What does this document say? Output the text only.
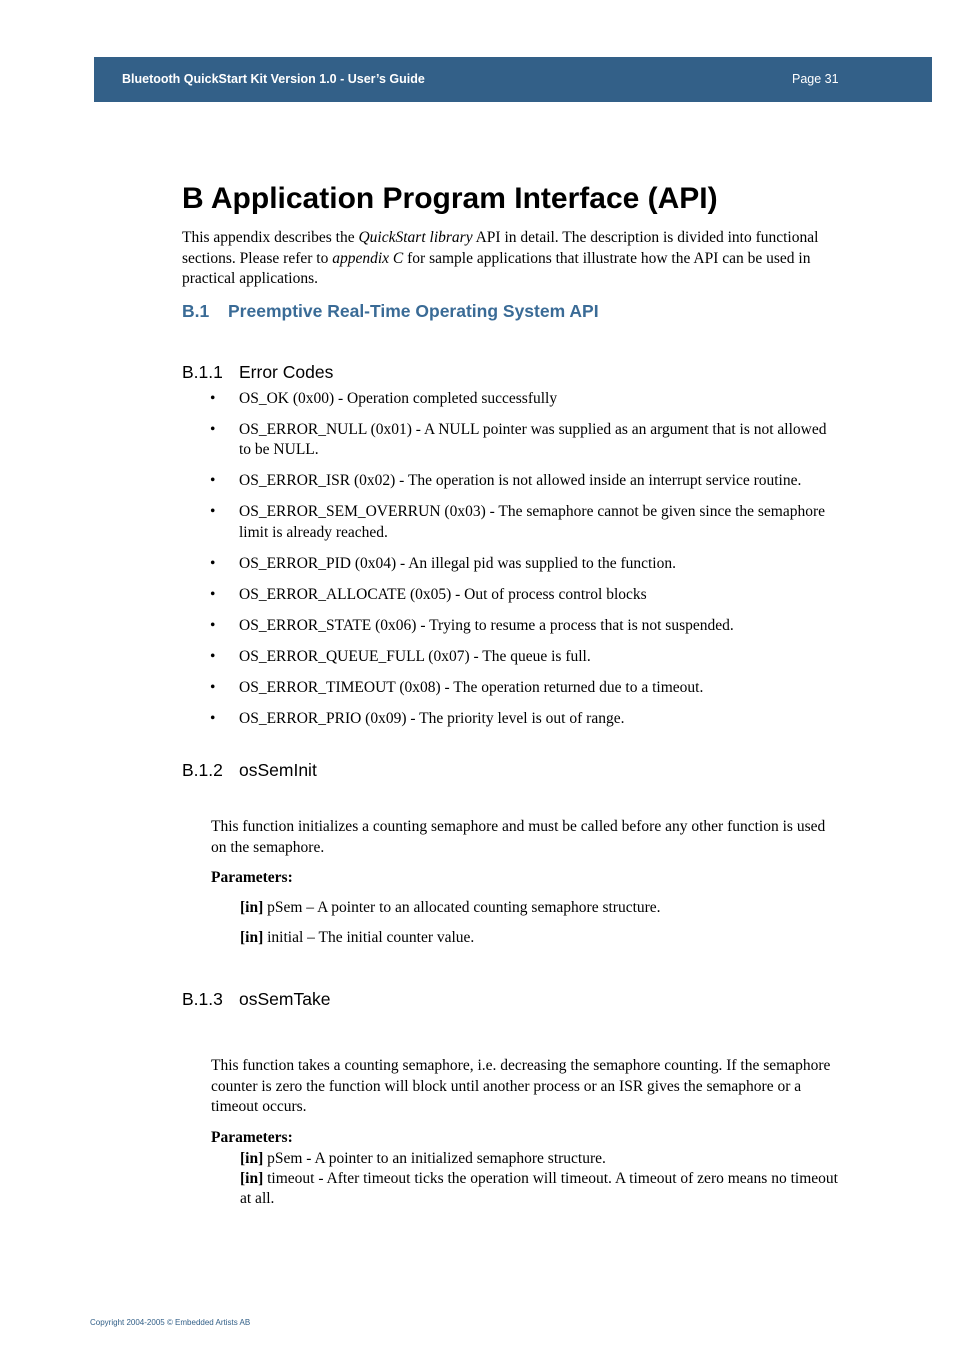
Bluetooth QuickStart Kit Version 1.0 - User’s Guide	Page 31
B Application Program Interface (API)

This appendix describes the QuickStart library API in detail. The description is divided into functional sections. Please refer to appendix C for sample applications that illustrate how the API can be used in practical applications.

B.1 Preemptive Real-Time Operating System API
B.1.1 Error Codes
• OS_OK (0x00) - Operation completed successfully
• OS_ERROR_NULL (0x01) - A NULL pointer was supplied as an argument that is not allowed to be NULL.
• OS_ERROR_ISR (0x02) - The operation is not allowed inside an interrupt service routine.
• OS_ERROR_SEM_OVERRUN (0x03) - The semaphore cannot be given since the semaphore limit is already reached.
• OS_ERROR_PID (0x04) - An illegal pid was supplied to the function.
• OS_ERROR_ALLOCATE (0x05) - Out of process control blocks
• OS_ERROR_STATE (0x06) - Trying to resume a process that is not suspended.
• OS_ERROR_QUEUE_FULL (0x07) - The queue is full.
• OS_ERROR_TIMEOUT (0x08) - The operation returned due to a timeout.
• OS_ERROR_PRIO (0x09) - The priority level is out of range.
B.1.2 osSemInit

This function initializes a counting semaphore and must be called before any other function is used on the semaphore.

Parameters:
[in] pSem – A pointer to an allocated counting semaphore structure.
[in] initial – The initial counter value.
B.1.3 osSemTake

This function takes a counting semaphore, i.e. decreasing the semaphore counting. If the semaphore counter is zero the function will block until another process or an ISR gives the semaphore or a timeout occurs.

Parameters:
[in] pSem - A pointer to an initialized semaphore structure.
[in] timeout - After timeout ticks the operation will timeout. A timeout of zero means no timeout at all.
Copyright 2004-2005 © Embedded Artists AB
